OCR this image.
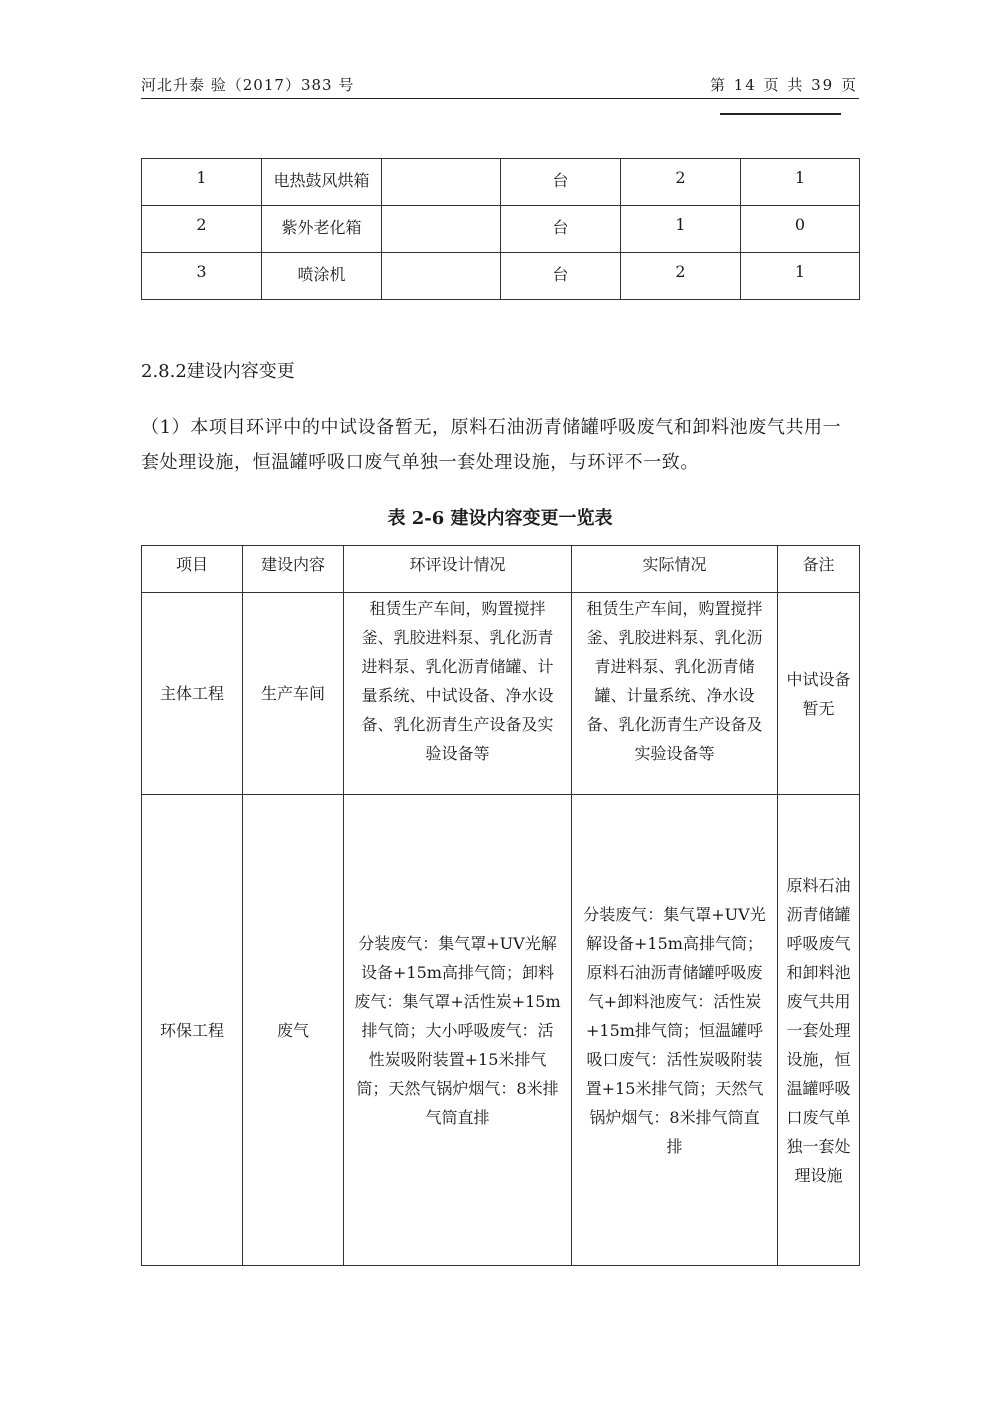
河北升泰 验（2017）383 号	第 14 页 共 39 页
1	电热鼓风烘箱		台	2	1
2	紫外老化箱		台	1	0
3	喷涂机		台	2	1
2.8.2建设内容变更
（1）本项目环评中的中试设备暂无，原料石油沥青储罐呼吸废气和卸料池废气共用一套处理设施，恒温罐呼吸口废气单独一套处理设施，与环评不一致。
表 2-6 建设内容变更一览表
项目	建设内容	环评设计情况	实际情况	备注
主体工程	生产车间	租赁生产车间，购置搅拌釜、乳胶进料泵、乳化沥青进料泵、乳化沥青储罐、计量系统、中试设备、净水设备、乳化沥青生产设备及实验设备等	租赁生产车间，购置搅拌釜、乳胶进料泵、乳化沥青进料泵、乳化沥青储罐、计量系统、净水设备、乳化沥青生产设备及实验设备等	中试设备暂无
环保工程	废气	分装废气：集气罩+UV光解设备+15m高排气筒；卸料废气：集气罩+活性炭+15m排气筒；大小呼吸废气：活性炭吸附装置+15米排气筒；天然气锅炉烟气：8米排气筒直排	分装废气：集气罩+UV光解设备+15m高排气筒；原料石油沥青储罐呼吸废气+卸料池废气：活性炭+15m排气筒；恒温罐呼吸口废气：活性炭吸附装置+15米排气筒；天然气锅炉烟气：8米排气筒直排	原料石油沥青储罐呼吸废气和卸料池废气共用一套处理设施，恒温罐呼吸口废气单独一套处理设施
